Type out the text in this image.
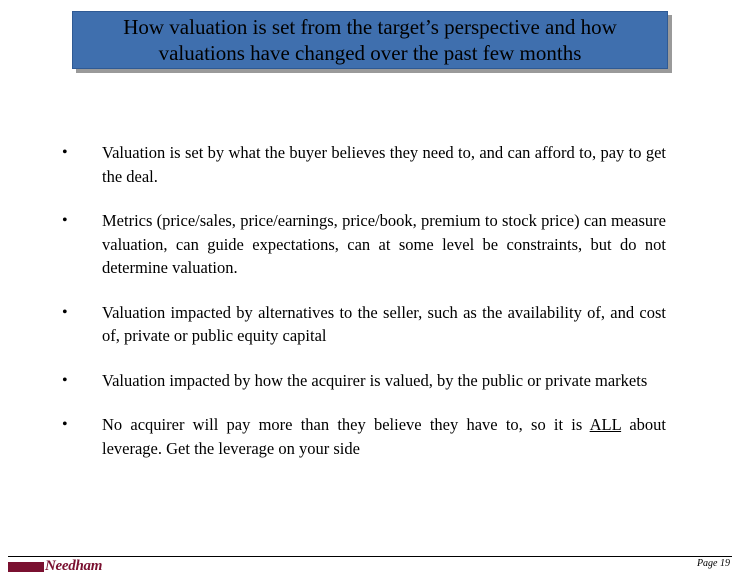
How valuation is set from the target’s perspective and how
valuations have changed over the past few months
•	Valuation is set by what the buyer believes they need to, and can afford to, pay to get the deal.
•	Metrics (price/sales, price/earnings, price/book, premium to stock price) can measure valuation, can guide expectations, can at some level be constraints, but do not determine valuation.
•	Valuation impacted by alternatives to the seller, such as the availability of, and cost of, private or public equity capital
•	Valuation impacted by how the acquirer is valued, by the public or private markets
•	No acquirer will pay more than they believe they have to, so it is ALL about leverage. Get the leverage on your side
Needham	Page 19
